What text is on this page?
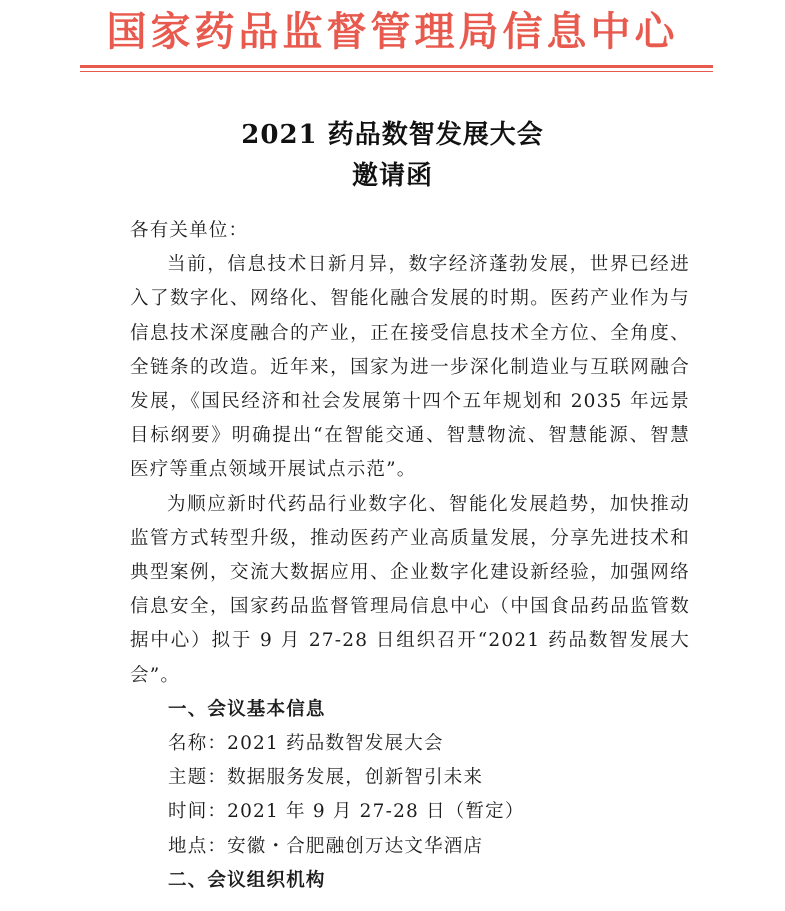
国家药品监督管理局信息中心
2021 药品数智发展大会
邀请函

各有关单位：

当前，信息技术日新月异，数字经济蓬勃发展，世界已经进入了数字化、网络化、智能化融合发展的时期。医药产业作为与信息技术深度融合的产业，正在接受信息技术全方位、全角度、全链条的改造。近年来，国家为进一步深化制造业与互联网融合发展，《国民经济和社会发展第十四个五年规划和 2035 年远景目标纲要》明确提出“在智能交通、智慧物流、智慧能源、智慧医疗等重点领域开展试点示范”。

为顺应新时代药品行业数字化、智能化发展趋势，加快推动监管方式转型升级，推动医药产业高质量发展，分享先进技术和典型案例，交流大数据应用、企业数字化建设新经验，加强网络信息安全，国家药品监督管理局信息中心（中国食品药品监管数据中心）拟于 9 月 27-28 日组织召开“2021 药品数智发展大会”。

一、会议基本信息

名称：2021 药品数智发展大会

主题：数据服务发展，创新智引未来

时间：2021 年 9 月 27-28 日（暂定）

地点：安徽・合肥融创万达文华酒店

二、会议组织机构
